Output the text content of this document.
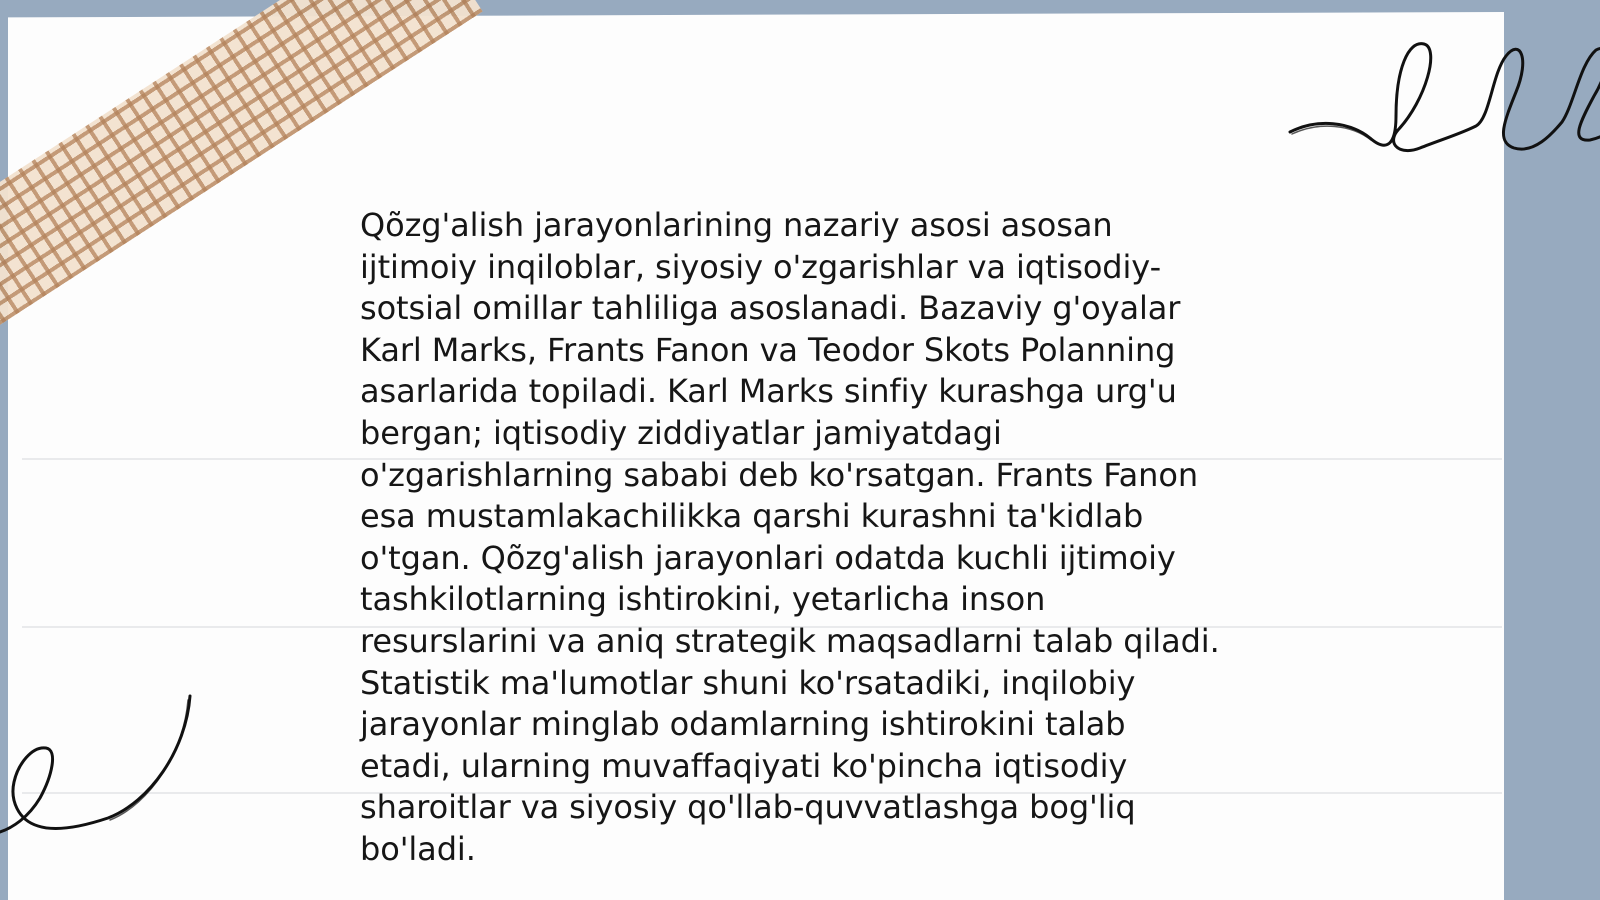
Qõzg'alish jarayonlarining nazariy asosi asosan
ijtimoiy inqiloblar, siyosiy o'zgarishlar va iqtisodiy-
sotsial omillar tahliliga asoslanadi. Bazaviy g'oyalar
Karl Marks, Frants Fanon va Teodor Skots Polanning
asarlarida topiladi. Karl Marks sinfiy kurashga urg'u
bergan; iqtisodiy ziddiyatlar jamiyatdagi
o'zgarishlarning sababi deb ko'rsatgan. Frants Fanon
esa mustamlakachilikka qarshi kurashni ta'kidlab
o'tgan. Qõzg'alish jarayonlari odatda kuchli ijtimoiy
tashkilotlarning ishtirokini, yetarlicha inson
resurslarini va aniq strategik maqsadlarni talab qiladi.
Statistik ma'lumotlar shuni ko'rsatadiki, inqilobiy
jarayonlar minglab odamlarning ishtirokini talab
etadi, ularning muvaffaqiyati ko'pincha iqtisodiy
sharoitlar va siyosiy qo'llab-quvvatlashga bog'liq
bo'ladi.
